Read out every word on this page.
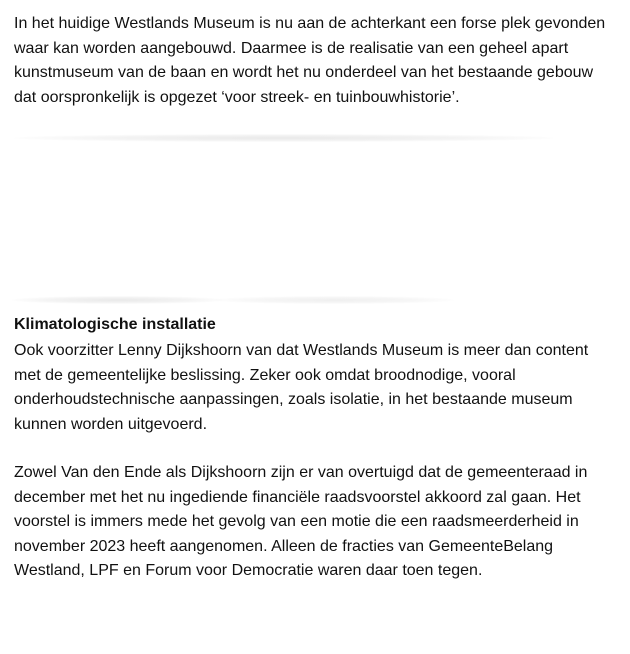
In het huidige Westlands Museum is nu aan de achterkant een forse plek gevonden waar kan worden aangebouwd. Daarmee is de realisatie van een geheel apart kunstmuseum van de baan en wordt het nu onderdeel van het bestaande gebouw dat oorspronkelijk is opgezet ‘voor streek- en tuinbouwhistorie’.

Klimatologische installatie

Ook voorzitter Lenny Dijkshoorn van dat Westlands Museum is meer dan content met de gemeentelijke beslissing. Zeker ook omdat broodnodige, vooral onderhoudstechnische aanpassingen, zoals isolatie, in het bestaande museum kunnen worden uitgevoerd.

Zowel Van den Ende als Dijkshoorn zijn er van overtuigd dat de gemeenteraad in december met het nu ingediende financiële raadsvoorstel akkoord zal gaan. Het voorstel is immers mede het gevolg van een motie die een raadsmeerderheid in november 2023 heeft aangenomen. Alleen de fracties van GemeenteBelang Westland, LPF en Forum voor Democratie waren daar toen tegen.
